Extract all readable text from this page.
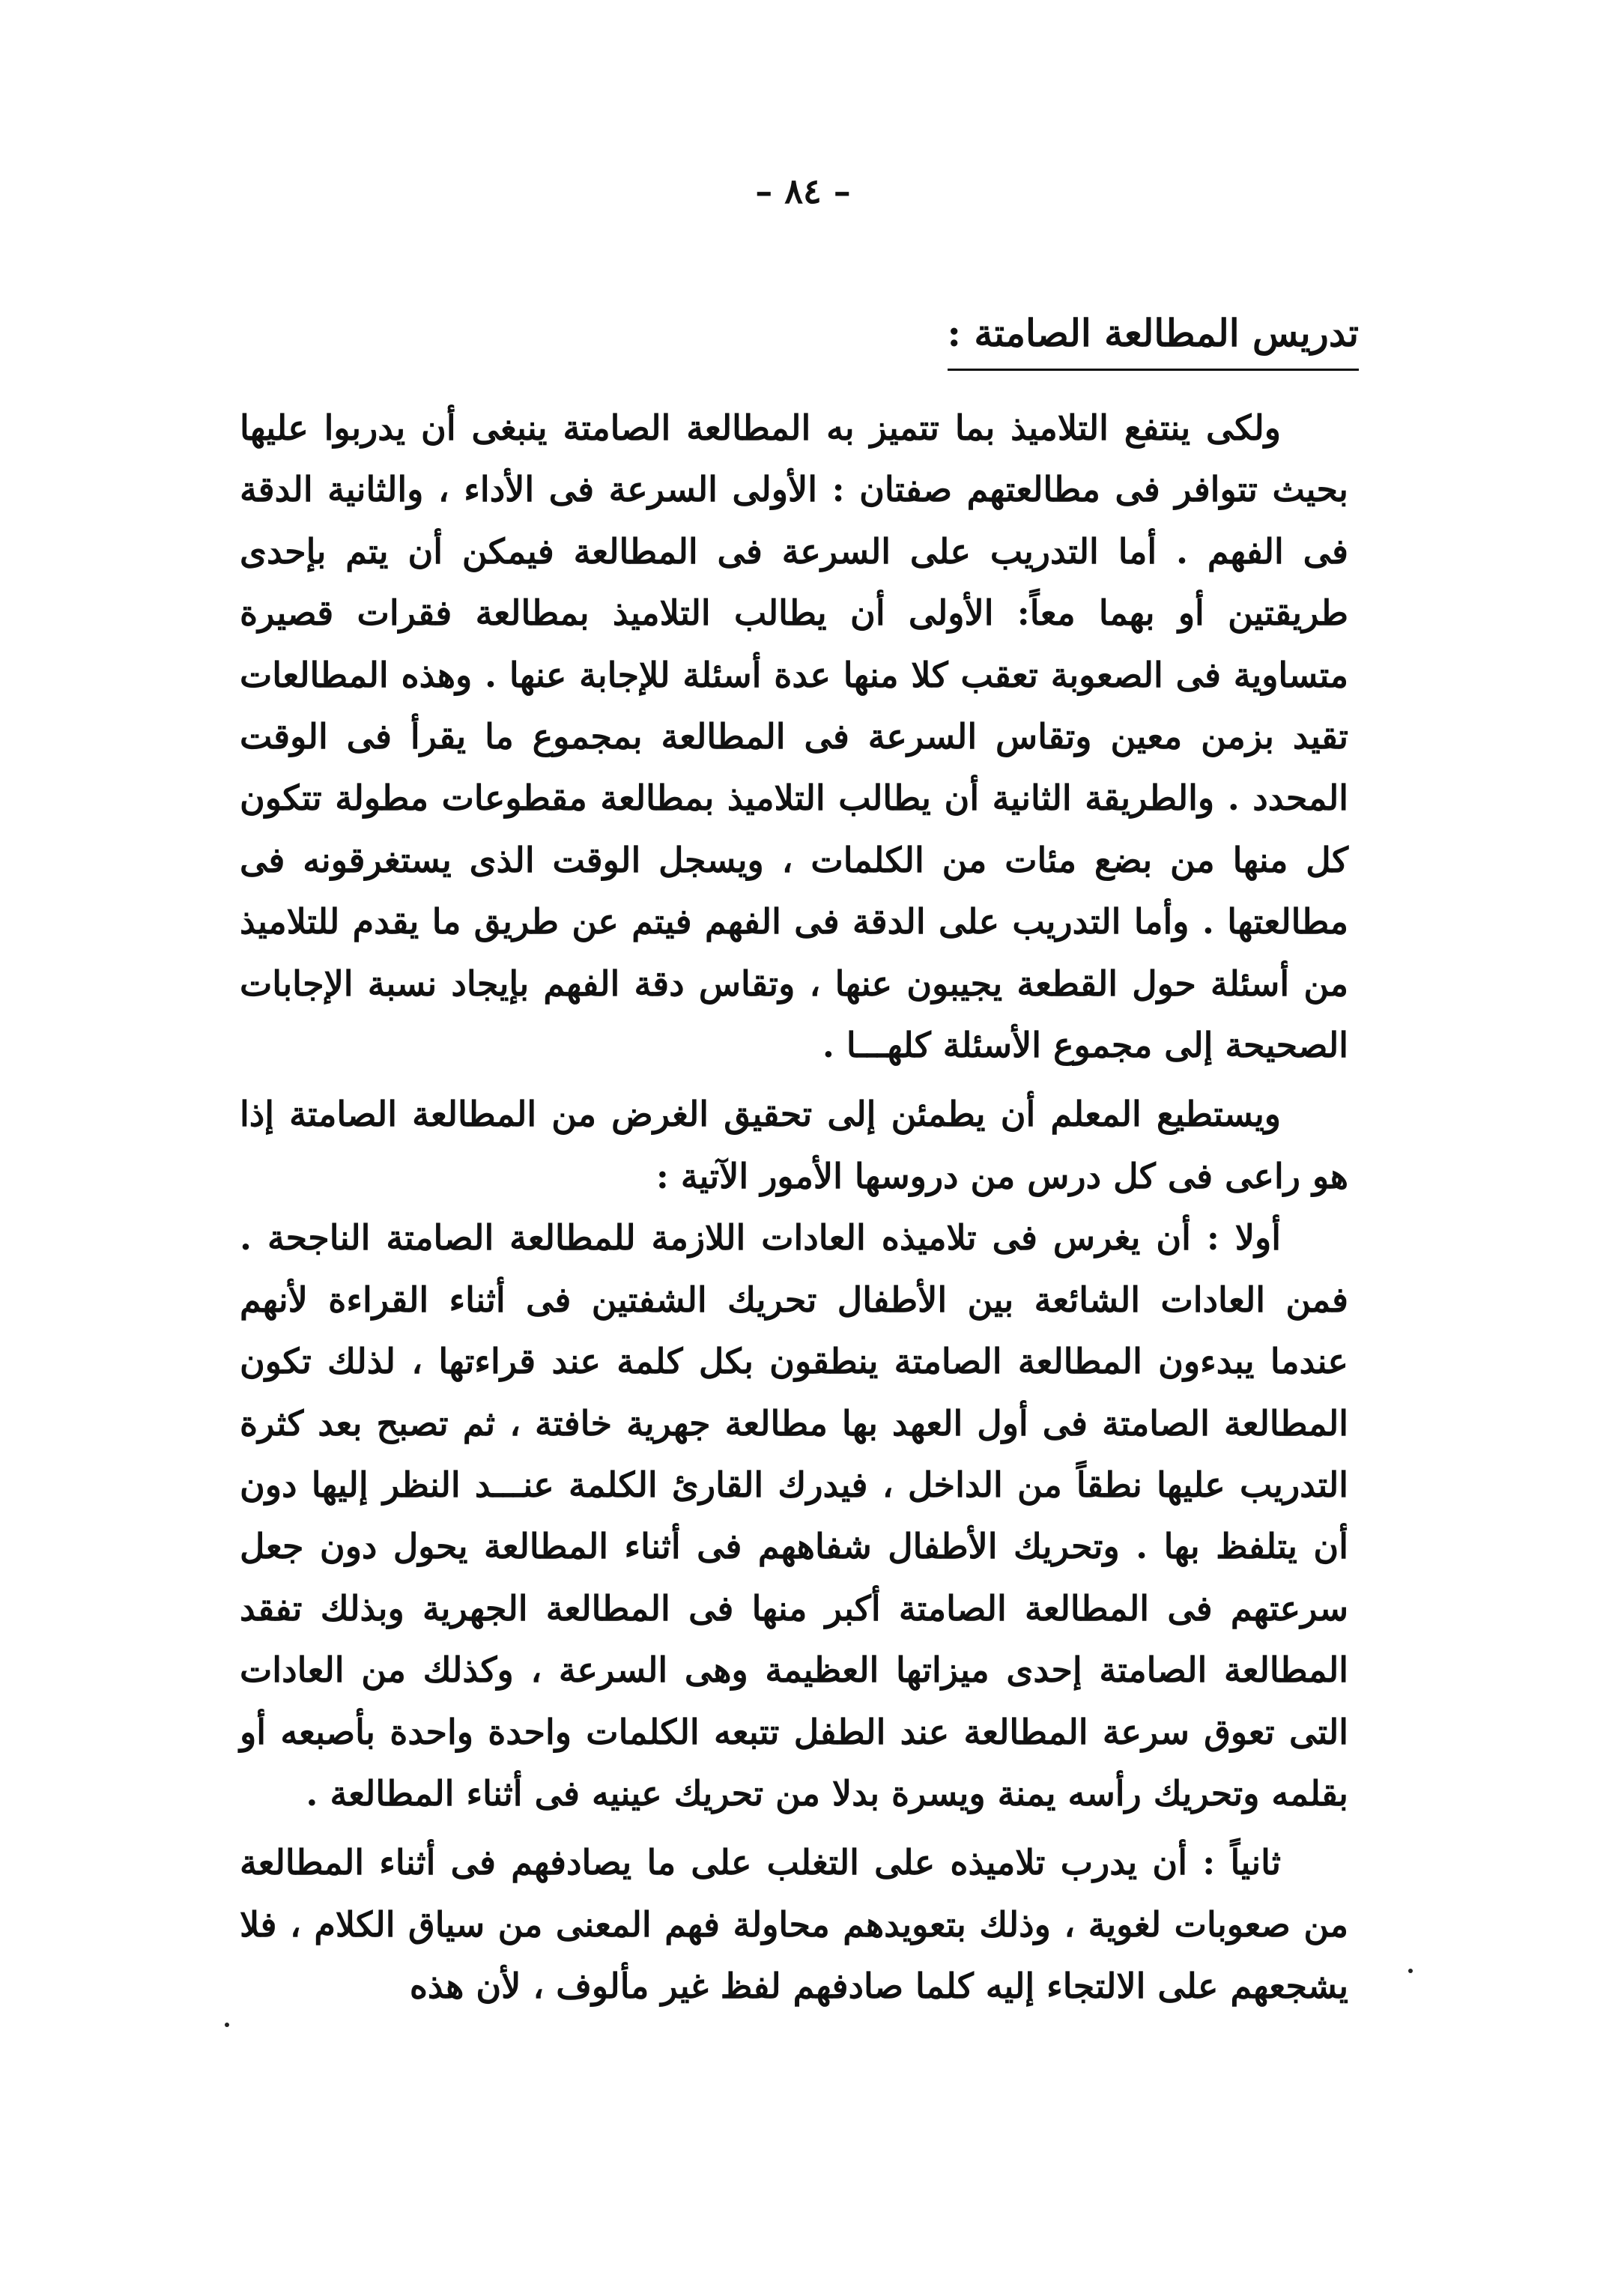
– ٨٤ –
تدريس المطالعة الصامتة :

ولكى ينتفع التلاميذ بما تتميز به المطالعة الصامتة ينبغى أن يدربوا عليها بحيث تتوافر فى مطالعتهم صفتان : الأولى السرعة فى الأداء ، والثانية الدقة فى الفهم . أما التدريب على السرعة فى المطالعة فيمكن أن يتم بإحدى طريقتين أو بهما معاً: الأولى أن يطالب التلاميذ بمطالعة فقرات قصيرة متساوية فى الصعوبة تعقب كلا منها عدة أسئلة للإجابة عنها . وهذه المطالعات تقيد بزمن معين وتقاس السرعة فى المطالعة بمجموع ما يقرأ فى الوقت المحدد . والطريقة الثانية أن يطالب التلاميذ بمطالعة مقطوعات مطولة تتكون كل منها من بضع مئات من الكلمات ، ويسجل الوقت الذى يستغرقونه فى مطالعتها . وأما التدريب على الدقة فى الفهم فيتم عن طريق ما يقدم للتلاميذ من أسئلة حول القطعة يجيبون عنها ، وتقاس دقة الفهم بإيجاد نسبة الإجابات الصحيحة إلى مجموع الأسئلة كلهـــا .

ويستطيع المعلم أن يطمئن إلى تحقيق الغرض من المطالعة الصامتة إذا هو راعى فى كل درس من دروسها الأمور الآتية :

أولا : أن يغرس فى تلاميذه العادات اللازمة للمطالعة الصامتة الناجحة . فمن العادات الشائعة بين الأطفال تحريك الشفتين فى أثناء القراءة لأنهم عندما يبدءون المطالعة الصامتة ينطقون بكل كلمة عند قراءتها ، لذلك تكون المطالعة الصامتة فى أول العهد بها مطالعة جهرية خافتة ، ثم تصبح بعد كثرة التدريب عليها نطقاً من الداخل ، فيدرك القارئ الكلمة عنـــد النظر إليها دون أن يتلفظ بها . وتحريك الأطفال شفاههم فى أثناء المطالعة يحول دون جعل سرعتهم فى المطالعة الصامتة أكبر منها فى المطالعة الجهرية وبذلك تفقد المطالعة الصامتة إحدى ميزاتها العظيمة وهى السرعة ، وكذلك من العادات التى تعوق سرعة المطالعة عند الطفل تتبعه الكلمات واحدة واحدة بأصبعه أو بقلمه وتحريك رأسه يمنة ويسرة بدلا من تحريك عينيه فى أثناء المطالعة .

ثانياً : أن يدرب تلاميذه على التغلب على ما يصادفهم فى أثناء المطالعة من صعوبات لغوية ، وذلك بتعويدهم محاولة فهم المعنى من سياق الكلام ، فلا يشجعهم على الالتجاء إليه كلما صادفهم لفظ غير مألوف ، لأن هذه
